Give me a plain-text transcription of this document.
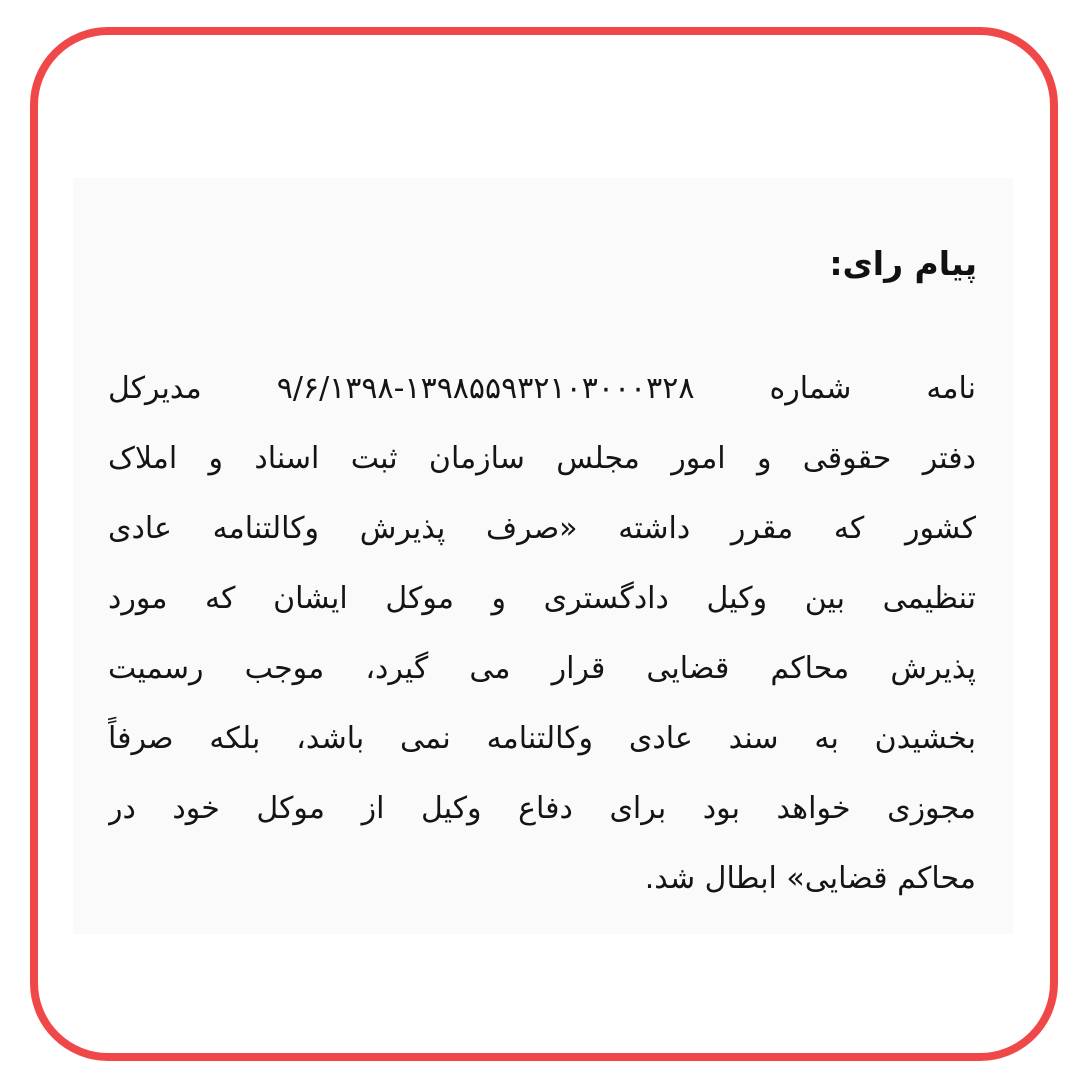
پیام رای:
نامه شماره ۱۳۹۸۵۵۹۳۲۱۰۳۰۰۰۳۲۸-۹/۶/۱۳۹۸ مدیرکل
دفتر حقوقی و امور مجلس سازمان ثبت اسناد و املاک
کشور که مقرر داشته «صرف پذیرش وکالتنامه عادی
تنظیمی بین وکیل دادگستری و موکل ایشان که مورد
پذیرش محاکم قضایی قرار می گیرد، موجب رسمیت
بخشیدن به سند عادی وکالتنامه نمی باشد، بلکه صرفاً
مجوزی خواهد بود برای دفاع وکیل از موکل خود در
محاکم قضایی» ابطال شد.
